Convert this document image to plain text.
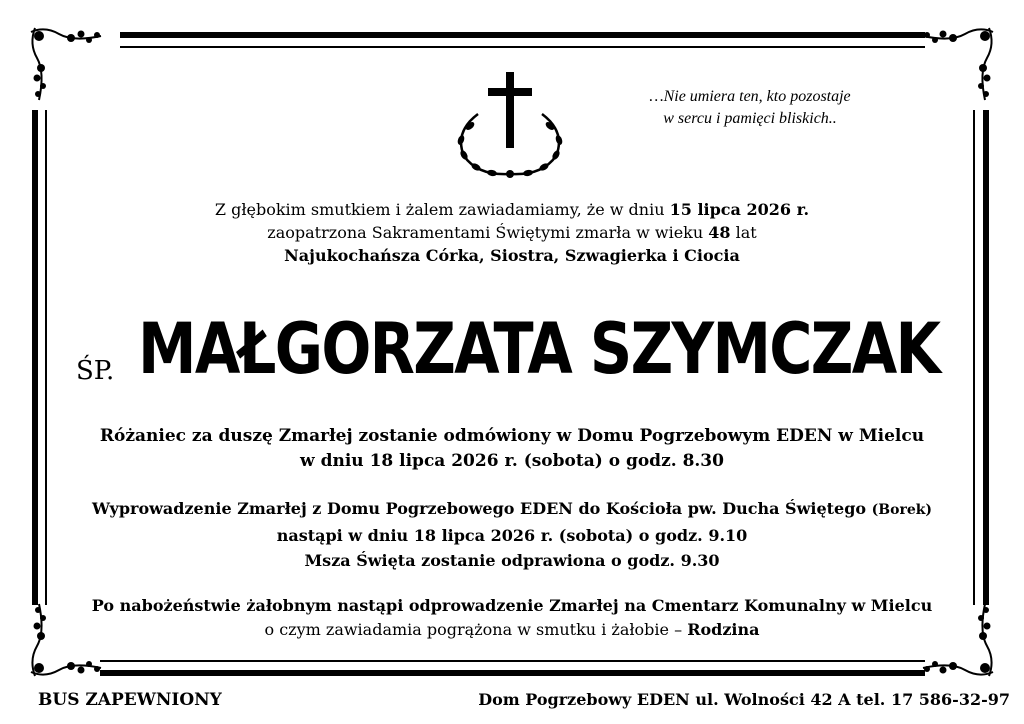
…Nie umiera ten, kto pozostaje
w sercu i pamięci bliskich..
Z głębokim smutkiem i żalem zawiadamiamy, że w dniu 15 lipca 2026 r.
zaopatrzona Sakramentami Świętymi zmarła w wieku 48 lat
Najukochańsza Córka, Siostra, Szwagierka i Ciocia
ŚP. MAŁGORZATA SZYMCZAK
Różaniec za duszę Zmarłej zostanie odmówiony w Domu Pogrzebowym EDEN w Mielcu
w dniu 18 lipca 2026 r. (sobota) o godz. 8.30
Wyprowadzenie Zmarłej z Domu Pogrzebowego EDEN do Kościoła pw. Ducha Świętego (Borek)
nastąpi w dniu 18 lipca 2026 r. (sobota) o godz. 9.10
Msza Święta zostanie odprawiona o godz. 9.30
Po nabożeństwie żałobnym nastąpi odprowadzenie Zmarłej na Cmentarz Komunalny w Mielcu
o czym zawiadamia pogrążona w smutku i żałobie – Rodzina
BUS ZAPEWNIONY	Dom Pogrzebowy EDEN ul. Wolności 42 A tel. 17 586-32-97
